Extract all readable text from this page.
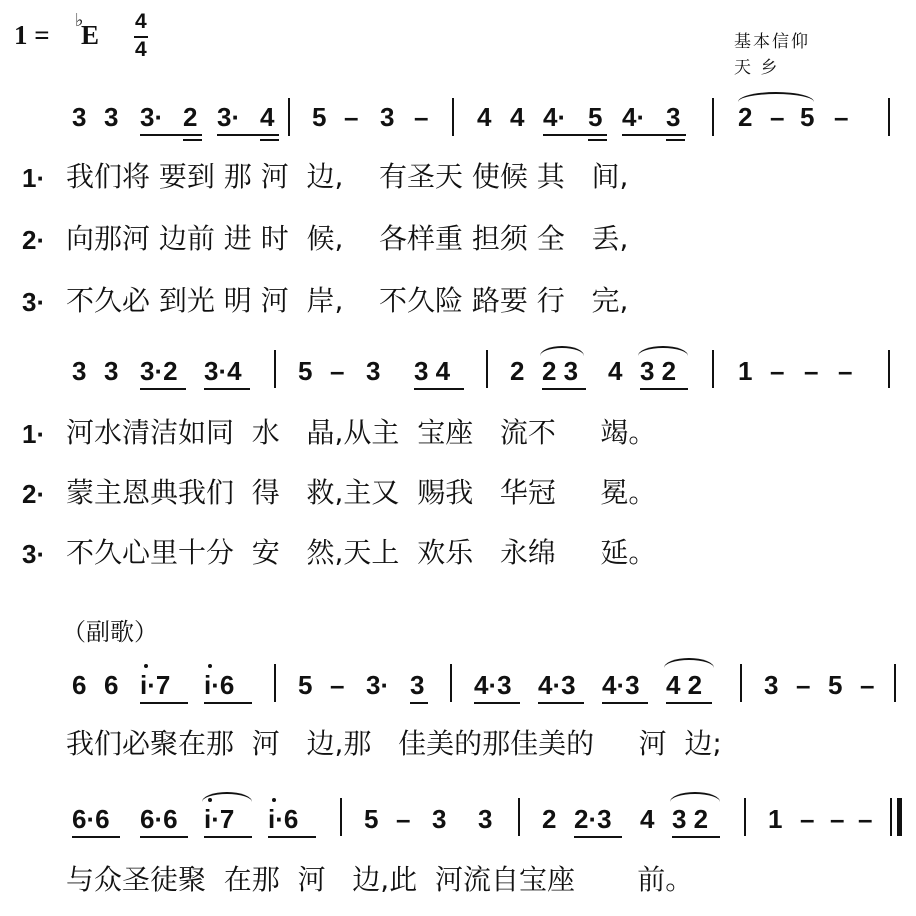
1 = ♭
E 4
4	基本信仰
天 乡
3 3 3· 2 3· 4 5 – 3 – 4 4 4· 5 4· 3 2 – 5 –
1· 我们将 要到 那 河  边,    有圣天 使候 其   间,
2· 向那河 边前 进 时  候,    各样重 担须 全   丢,
3· 不久必 到光 明 河  岸,    不久险 路要 行   完,
3 3 3·2 3·4 5 – 3 3 4 2 2 3 4 3 2 1 – – –
1· 河水清洁如同  水   晶,从主  宝座   流不     竭。
2· 蒙主恩典我们  得   救,主又  赐我   华冠     冕。
3· 不久心里十分  安   然,天上  欢乐   永绵     延。
（副歌）
6 6 i·7 i·6 5 – 3· 3 4·3 4·3 4·3 4 2 3 – 5 –
我们必聚在那  河   边,那   佳美的那佳美的     河  边;
6·6 6·6 i·7 i·6	5 – 3 3 2 2·3 4 3 2 1 – – –
与众圣徒聚  在那  河   边,此  河流自宝座       前。
